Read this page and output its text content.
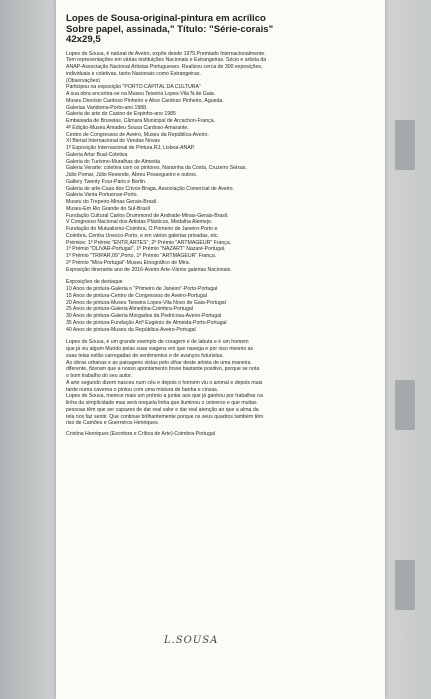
Lopes de Sousa-original-pintura em acrílico
Sobre papel, assinada," Título: "Série-corais"
42x29,5
Lopes de Sousa, é natural de Aveiro, expõe desde 1975.Premiado Internacionalmente.
Tem representações em várias instituições Nacionais e Estrangeiras. Sócio e artista da
ANAP-Associação Nacional Artistas Portugueses. Realizou cerca de 300 exposições,
individuais e coletivas, tanto Nacionais como Estrangeiras.
(Observações)
Participou na exposição "PORTO CAPITAL DA CULTURA"
A sua obra encontra-se na Museu Teixeira Lopes-Vila N.de Gaia.
Museu Dionísio Cardoso Pinheiro e Alice Cardoso Pinheiro, Águeda.
Galerias Vandoma-Porto-ano 1988.
Galeria de arte do Casino de Espinho-ano 1985
Embaixada de Bruxelas, Câmara Municipal de Arcachon-França.
4ª Edição-Museu Amadeu Sousa Cardoso-Amarante.
Centro de Congressos de Aveiro, Museu da República-Aveiro.
XI Bienal Internacional de Vendas Novas
1ª Exposição Internacional de Pintura.RJ, Lisboa-ANAP.
Galeria Artur Bual-Coletiva
Galeria do Turismo-Muralhas de Almeida
Galeria Verarte: coletiva com os pintores, Naramha da Costa, Cruzeiro Seixas,
Júlio Pomar, Júlio Resende, Abreu Pessegueiro e outros.
Gallery Twenty Four-Paris e Berlin.
Galeria de arte-Casa dos Crivos-Braga, Associação Comercial de Aveiro.
Galeria Vieira Portuense-Porto.
Museu do Trepeiro-Minas Gerais-Brasil.
Museu-Em Rio Grande do Sul-Brasil
Fundação Cultural Carlos Drummond de Andrade-Minas-Gerais-Brasil.
V Congresso Nacional dos Artistas Plásticos, Medalha Alentejo.
Fundação do Mutualismo-Coimbra, O Primeiro de Janeiro-Porto e
Coimbra, Centra Unesco-Porto, e em vários galerias privadas, etc.
Prémios: 1º Prémio "ENTR,ARTES", 2º Prémio "ARTMAGEUR" França.
1º Prémio "OLIVAR-Portugal", 1º Prémio "NAZART" Nazaré-Portugal.
1º Prémio "TRIPAR,09",Porto, 1º Prémio "ARTMAGEUR" França.
2º Prémio "Mira-Portugal"-Museu Etnográfico de Mira.
Exposição itinerante ano de 2016-Aveiro Arte-Vários galerias Nacionais.
Exposições de destaque
10 Anos de pintura-Galeria o "Primeiro de Janeiro"-Porto-Portugal
15 Anos de pintura-Centro de Congressos de Aveiro-Portugal
20 Anos de pintura-Museu Teixeira Lopes-Vila Novo de Gaia-Portugal
25 Anos de pintura-Galeria Almedina-Coimbra-Portugal
30 Anos de pintura-Galeria Morgados da Pedricosa-Aveiro-Portugal
35 Anos de pintura-Fundação Artº Eugénio de Almeida-Porto-Portugal
40 Anos de pintura-Museu da República-Aveiro-Portugal
Lopes de Sousa, é um grande exemplo de coragem e de labuta e é um homem
que já viu algum Mundo pelas suas viagens em que navega e por isso mesmo as
suas telas estão carregadas de sentimentos e de avanços futuristas.
As obras urbanas e as paisagens vistas pelo olhar deste artista de uma maneira
diferente, fizeram que a nosso apontamento fosse bastante positivo, porque se nota
o bom trabalho do seu autor.
A arte segundo dizem nasceu num céu e depois o homem viu o animal e depois mais
tarde numa caverna o pintou com uma mistura de banha e cinzas.
Lopes de Sousa, merece mais um prémio a juntar aos que já ganhou por trabalhar na
linha da simplicidade mas será noquela linha que iluminou o universo e que muitas
pessoas têm que ser capazes de dar real valor e dar real atenção ao que a alma da
tela nos faz sentir. Que continue brilhantemente porque os seus quadros também têm
riso de Camões e Guerreiros Henriques.
Cristina Henriques (Escritora e Crítica de Arte)-Coimbra-Portugal
L.SOUSA
